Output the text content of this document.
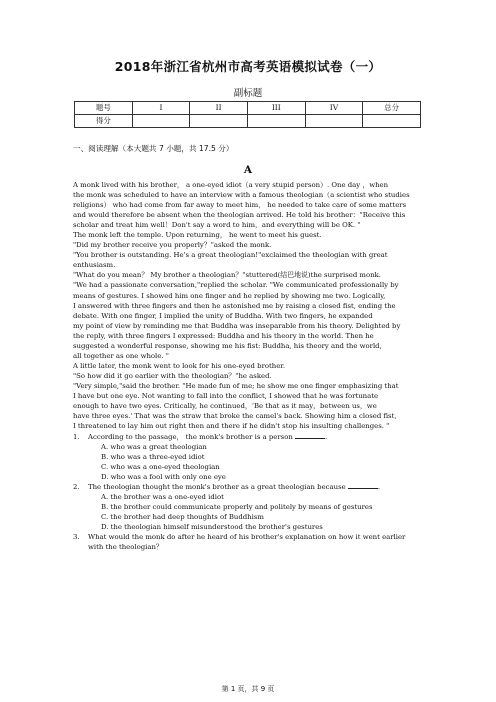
2018年浙江省杭州市高考英语模拟试卷（一）
副标题
题号	I	II	III	IV	总分
得分					
一、阅读理解（本大题共 7 小题，共 17.5 分）
A

A monk lived with his brother， a one-eyed idiot（a very stupid person）. One day ，when

the monk was scheduled to have an interview with a famous theologian（a scientist who studies

religions） who had come from far away to meet him， he needed to take care of some matters

and would therefore be absent when the theologian arrived. He told his brother："Receive this

scholar and treat him well！Don't say a word to him，and everything will be OK. "

The monk left the temple. Upon returning， he went to meet his guest.

"Did my brother receive you properly？"asked the monk.

"You brother is outstanding. He's a great theologian!"exclaimed the theologian with great

enthusiasm.

"What do you mean？ My brother a theologian？"stuttered(结巴地说)the surprised monk.

"We had a passionate conversation,"replied the scholar. "We communicated professionally by

means of gestures. I showed him one finger and he replied by showing me two. Logically,

I answered with three fingers and then he astonished me by raising a closed fist, ending the

debate. With one finger, I implied the unity of Buddha. With two fingers, he expanded

my point of view by reminding me that Buddha was inseparable from his theory. Delighted by

the reply, with three fingers I expressed: Buddha and his theory in the world. Then he

suggested a wonderful response, showing me his fist: Buddha, his theory and the world,

all together as one whole. "

A little later, the monk went to look for his one-eyed brother.

"So how did it go earlier with the theologian？"he asked.

"Very simple,"said the brother. "He made fun of me; he show me one finger emphasizing that

I have but one eye. Not wanting to fall into the conflict, I showed that he was fortunate

enough to have two eyes. Critically, he continued，‘Be that as it may，between us，we

have three eyes.' That was the straw that broke the camel's back. Showing him a closed fist,

I threatened to lay him out right then and there if he didn't stop his insulting challenges. "

1. According to the passage， the monk's brother is a person	.

A. who was a great theologian

B. who was a three-eyed idiot

C. who was a one-eyed theologian

D. who was a fool with only one eye

2. The theologian thought the monk's brother as a great theologian because	.

A. the brother was a one-eyed idiot

B. the brother could communicate properly and politely by means of gestures

C. the brother had deep thoughts of Buddhism

D. the theologian himself misunderstood the brother's gestures

3. What would the monk do after he heard of his brother's explanation on how it went earlier

with the theologian？

第 1 页，共 9 页
